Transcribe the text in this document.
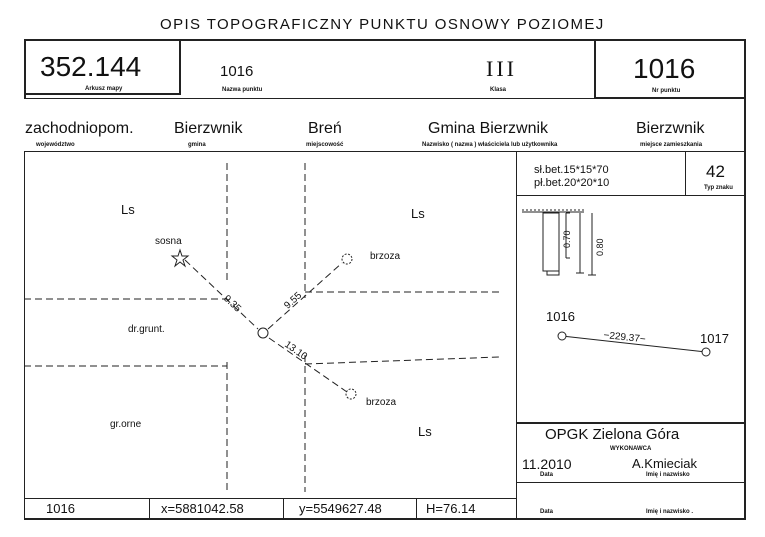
OPIS TOPOGRAFICZNY PUNKTU OSNOWY POZIOMEJ
352.144
Arkusz mapy
1016
Nazwa punktu
III
Klasa
1016
Nr punktu
zachodniopom.
województwo
Bierzwnik
gmina
Breń
miejscowość
Gmina Bierzwnik
Nazwisko ( nazwa ) właściciela lub użytkownika
Bierzwnik
miejsce zamieszkania
sł.bet.15*15*70
pł.bet.20*20*10
42
Typ znaku
Ls	Ls
Ls
dr.grunt.
gr.orne
sosna
brzoza
brzoza
9.35	9.55
13.10
0.70	0.80
1016
1017
−229.37−
OPGK Zielona Góra
WYKONAWCA
11.2010
Data
A.Kmieciak
Imię i nazwisko
Data	Imię i nazwisko .
1016	x=5881042.58	y=5549627.48	H=76.14
